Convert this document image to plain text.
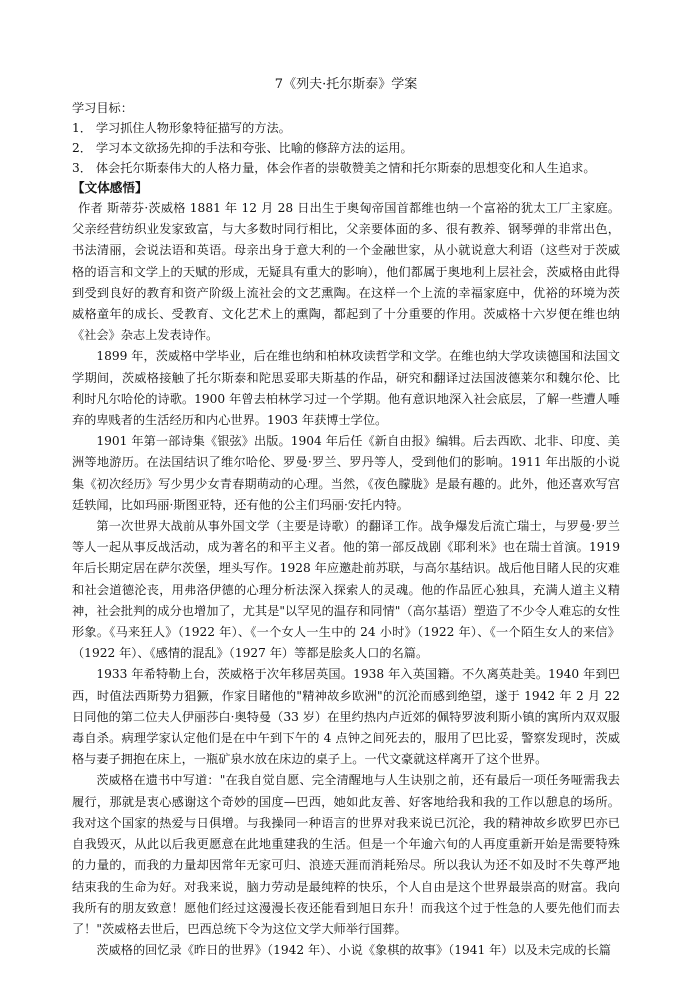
7《列夫·托尔斯泰》学案

学习目标：

1． 学习抓住人物形象特征描写的方法。

2． 学习本文欲扬先抑的手法和夸张、比喻的修辞方法的运用。

3． 体会托尔斯泰伟大的人格力量，体会作者的崇敬赞美之情和托尔斯泰的思想变化和人生追求。

【文体感悟】

作者 斯蒂芬·茨威格 1881 年 12 月 28 日出生于奥匈帝国首都维也纳一个富裕的犹太工厂主家庭。父亲经营纺织业发家致富，与大多数时同行相比，父亲要体面的多、很有教养、钢琴弹的非常出色，书法清丽，会说法语和英语。母亲出身于意大利的一个金融世家，从小就说意大利语（这些对于茨威格的语言和文学上的天赋的形成，无疑具有重大的影响），他们都属于奥地利上层社会，茨威格由此得到受到良好的教育和资产阶级上流社会的文艺熏陶。在这样一个上流的幸福家庭中，优裕的环境为茨威格童年的成长、受教育、文化艺术上的熏陶，都起到了十分重要的作用。茨威格十六岁便在维也纳《社会》杂志上发表诗作。

1899 年，茨威格中学毕业，后在维也纳和柏林攻读哲学和文学。在维也纳大学攻读德国和法国文学期间，茨威格接触了托尔斯泰和陀思妥耶夫斯基的作品，研究和翻译过法国波德莱尔和魏尔伦、比利时凡尔哈伦的诗歌。1900 年曾去柏林学习过一个学期。他有意识地深入社会底层，了解一些遭人唾弃的卑贱者的生活经历和内心世界。1903 年获博士学位。

1901 年第一部诗集《银弦》出版。1904 年后任《新自由报》编辑。后去西欧、北非、印度、美洲等地游历。在法国结识了维尔哈伦、罗曼·罗兰、罗丹等人，受到他们的影响。1911 年出版的小说集《初次经历》写少男少女青春期萌动的心理。当然，《夜色朦胧》是最有趣的。此外，他还喜欢写宫廷轶闻，比如玛丽·斯图亚特，还有他的公主们玛丽·安托内特。

第一次世界大战前从事外国文学（主要是诗歌）的翻译工作。战争爆发后流亡瑞士，与罗曼·罗兰等人一起从事反战活动，成为著名的和平主义者。他的第一部反战剧《耶利米》也在瑞士首演。1919 年后长期定居在萨尔茨堡，埋头写作。1928 年应邀赴前苏联，与高尔基结识。战后他目睹人民的灾难和社会道德沦丧，用弗洛伊德的心理分析法深入探索人的灵魂。他的作品匠心独具，充满人道主义精神，社会批判的成分也增加了，尤其是"以罕见的温存和同情"（高尔基语）塑造了不少令人难忘的女性形象。《马来狂人》（1922 年）、《一个女人一生中的 24 小时》（1922 年）、《一个陌生女人的来信》（1922 年）、《感情的混乱》（1927 年）等都是脍炙人口的名篇。

1933 年希特勒上台，茨威格于次年移居英国。1938 年入英国籍。不久离英赴美。1940 年到巴西，时值法西斯势力猖獗，作家目睹他的"精神故乡欧洲"的沉沦而感到绝望，遂于 1942 年 2 月 22 日同他的第二位夫人伊丽莎白·奥特曼（33 岁）在里约热内卢近郊的佩特罗波利斯小镇的寓所内双双服毒自杀。病理学家认定他们是在中午到下午的 4 点钟之间死去的，服用了巴比妥，警察发现时，茨威格与妻子拥抱在床上，一瓶矿泉水放在床边的桌子上。一代文豪就这样离开了这个世界。

茨威格在遗书中写道："在我自觉自愿、完全清醒地与人生诀别之前，还有最后一项任务哑需我去履行，那就是衷心感谢这个奇妙的国度—巴西，她如此友善、好客地给我和我的工作以憩息的场所。我对这个国家的热爱与日俱增。与我操同一种语言的世界对我来说已沉沦，我的精神故乡欧罗巴亦已自我毁灭，从此以后我更愿意在此地重建我的生活。但是一个年逾六旬的人再度重新开始是需要特殊的力量的，而我的力量却因常年无家可归、浪迹天涯而消耗殆尽。所以我认为还不如及时不失尊严地结束我的生命为好。对我来说，脑力劳动是最纯粹的快乐，个人自由是这个世界最崇高的财富。我向我所有的朋友致意！愿他们经过这漫漫长夜还能看到旭日东升！而我这个过于性急的人要先他们而去了！"茨威格去世后，巴西总统下令为这位文学大师举行国葬。

茨威格的回忆录《昨日的世界》（1942 年）、小说《象棋的故事》（1941 年）以及未完成的长篇
